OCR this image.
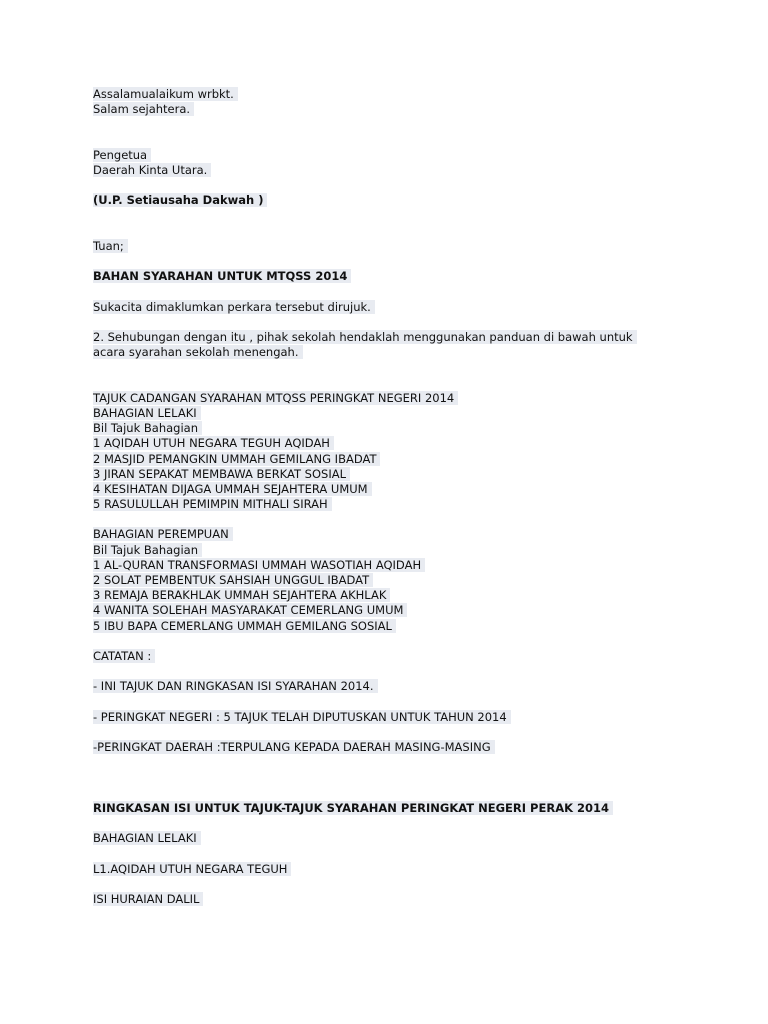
Assalamualaikum wrbkt.
Salam sejahtera.
Pengetua
Daerah Kinta Utara.
(U.P. Setiausaha Dakwah )
Tuan;
BAHAN SYARAHAN UNTUK MTQSS 2014
Sukacita dimaklumkan perkara tersebut dirujuk.
2. Sehubungan dengan itu , pihak sekolah hendaklah menggunakan panduan di bawah untuk
acara syarahan sekolah menengah.
TAJUK CADANGAN SYARAHAN MTQSS PERINGKAT NEGERI 2014
BAHAGIAN LELAKI
Bil Tajuk Bahagian
1 AQIDAH UTUH NEGARA TEGUH AQIDAH
2 MASJID PEMANGKIN UMMAH GEMILANG IBADAT
3 JIRAN SEPAKAT MEMBAWA BERKAT SOSIAL
4 KESIHATAN DIJAGA UMMAH SEJAHTERA UMUM
5 RASULULLAH PEMIMPIN MITHALI SIRAH
BAHAGIAN PEREMPUAN
Bil Tajuk Bahagian
1 AL-QURAN TRANSFORMASI UMMAH WASOTIAH AQIDAH
2 SOLAT PEMBENTUK SAHSIAH UNGGUL IBADAT
3 REMAJA BERAKHLAK UMMAH SEJAHTERA AKHLAK
4 WANITA SOLEHAH MASYARAKAT CEMERLANG UMUM
5 IBU BAPA CEMERLANG UMMAH GEMILANG SOSIAL
CATATAN :
- INI TAJUK DAN RINGKASAN ISI SYARAHAN 2014.
- PERINGKAT NEGERI : 5 TAJUK TELAH DIPUTUSKAN UNTUK TAHUN 2014
-PERINGKAT DAERAH :TERPULANG KEPADA DAERAH MASING-MASING
RINGKASAN ISI UNTUK TAJUK-TAJUK SYARAHAN PERINGKAT NEGERI PERAK 2014
BAHAGIAN LELAKI
L1.AQIDAH UTUH NEGARA TEGUH
ISI HURAIAN DALIL
